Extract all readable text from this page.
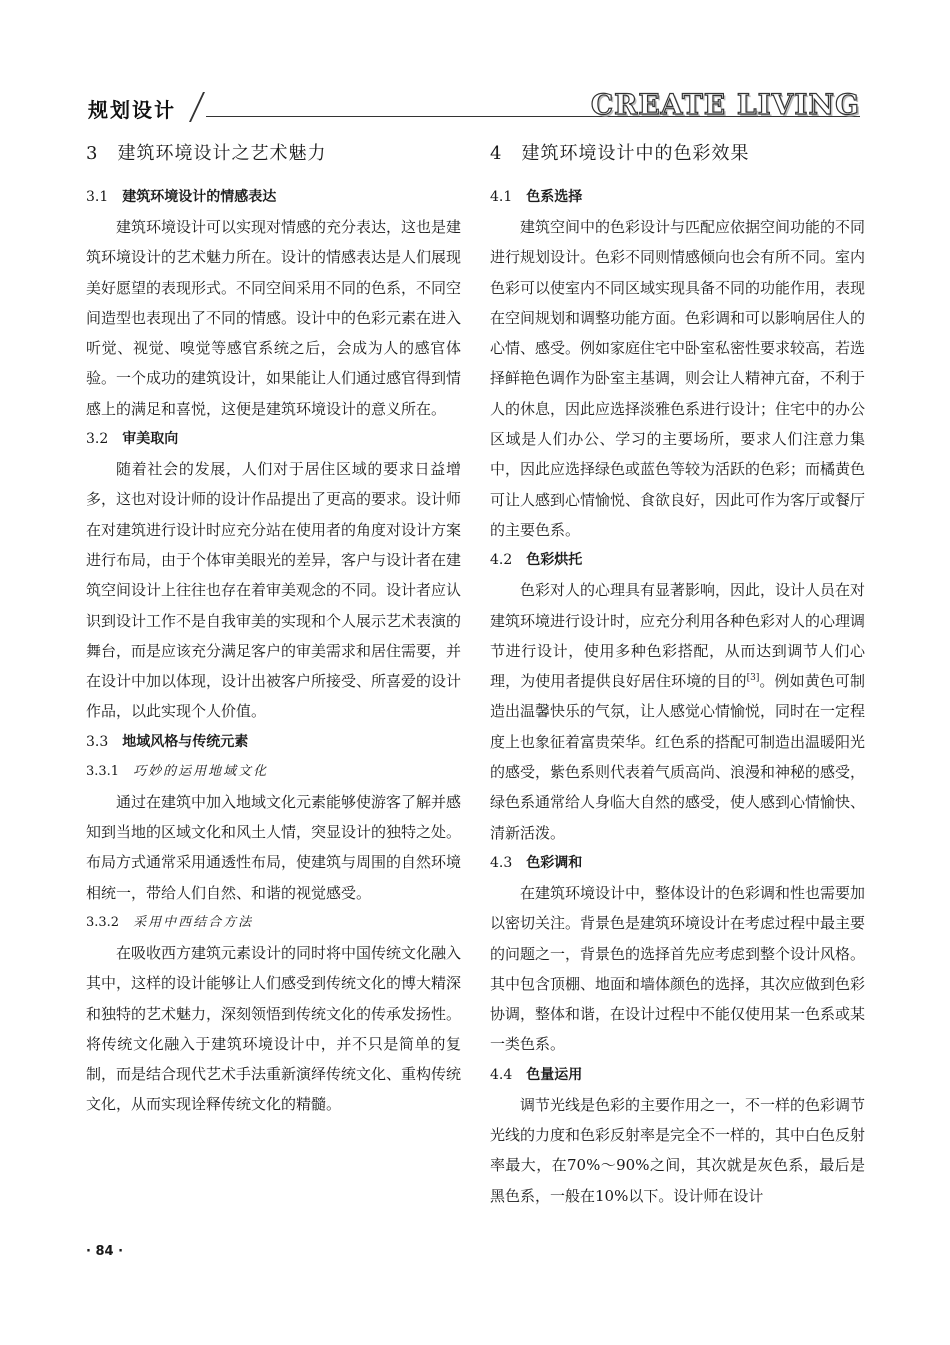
规划设计	CREATE LIVING
3　建筑环境设计之艺术魅力
3.1 建筑环境设计的情感表达

建筑环境设计可以实现对情感的充分表达，这也是建筑环境设计的艺术魅力所在。设计的情感表达是人们展现美好愿望的表现形式。不同空间采用不同的色系，不同空间造型也表现出了不同的情感。设计中的色彩元素在进入听觉、视觉、嗅觉等感官系统之后，会成为人的感官体验。一个成功的建筑设计，如果能让人们通过感官得到情感上的满足和喜悦，这便是建筑环境设计的意义所在。

3.2 审美取向

随着社会的发展，人们对于居住区域的要求日益增多，这也对设计师的设计作品提出了更高的要求。设计师在对建筑进行设计时应充分站在使用者的角度对设计方案进行布局，由于个体审美眼光的差异，客户与设计者在建筑空间设计上往往也存在着审美观念的不同。设计者应认识到设计工作不是自我审美的实现和个人展示艺术表演的舞台，而是应该充分满足客户的审美需求和居住需要，并在设计中加以体现，设计出被客户所接受、所喜爱的设计作品，以此实现个人价值。

3.3 地域风格与传统元素
3.3.1 巧妙的运用地域文化

通过在建筑中加入地域文化元素能够使游客了解并感知到当地的区域文化和风土人情，突显设计的独特之处。布局方式通常采用通透性布局，使建筑与周围的自然环境相统一，带给人们自然、和谐的视觉感受。

3.3.2 采用中西结合方法

在吸收西方建筑元素设计的同时将中国传统文化融入其中，这样的设计能够让人们感受到传统文化的博大精深和独特的艺术魅力，深刻领悟到传统文化的传承发扬性。将传统文化融入于建筑环境设计中，并不只是简单的复制，而是结合现代艺术手法重新演绎传统文化、重构传统文化，从而实现诠释传统文化的精髓。

4　建筑环境设计中的色彩效果
4.1 色系选择

建筑空间中的色彩设计与匹配应依据空间功能的不同进行规划设计。色彩不同则情感倾向也会有所不同。室内色彩可以使室内不同区域实现具备不同的功能作用，表现在空间规划和调整功能方面。色彩调和可以影响居住人的心情、感受。例如家庭住宅中卧室私密性要求较高，若选择鲜艳色调作为卧室主基调，则会让人精神亢奋，不利于人的休息，因此应选择淡雅色系进行设计；住宅中的办公区域是人们办公、学习的主要场所，要求人们注意力集中，因此应选择绿色或蓝色等较为活跃的色彩；而橘黄色可让人感到心情愉悦、食欲良好，因此可作为客厅或餐厅的主要色系。

4.2 色彩烘托

色彩对人的心理具有显著影响，因此，设计人员在对建筑环境进行设计时，应充分利用各种色彩对人的心理调节进行设计，使用多种色彩搭配，从而达到调节人们心理，为使用者提供良好居住环境的目的[3]。例如黄色可制造出温馨快乐的气氛，让人感觉心情愉悦，同时在一定程度上也象征着富贵荣华。红色系的搭配可制造出温暖阳光的感受，紫色系则代表着气质高尚、浪漫和神秘的感受，绿色系通常给人身临大自然的感受，使人感到心情愉快、清新活泼。

4.3 色彩调和

在建筑环境设计中，整体设计的色彩调和性也需要加以密切关注。背景色是建筑环境设计在考虑过程中最主要的问题之一，背景色的选择首先应考虑到整个设计风格。其中包含顶棚、地面和墙体颜色的选择，其次应做到色彩协调，整体和谐，在设计过程中不能仅使用某一色系或某一类色系。

4.4 色量运用

调节光线是色彩的主要作用之一，不一样的色彩调节光线的力度和色彩反射率是完全不一样的，其中白色反射率最大，在70%～90%之间，其次就是灰色系，最后是黑色系，一般在10%以下。设计师在设计

· 84 ·
